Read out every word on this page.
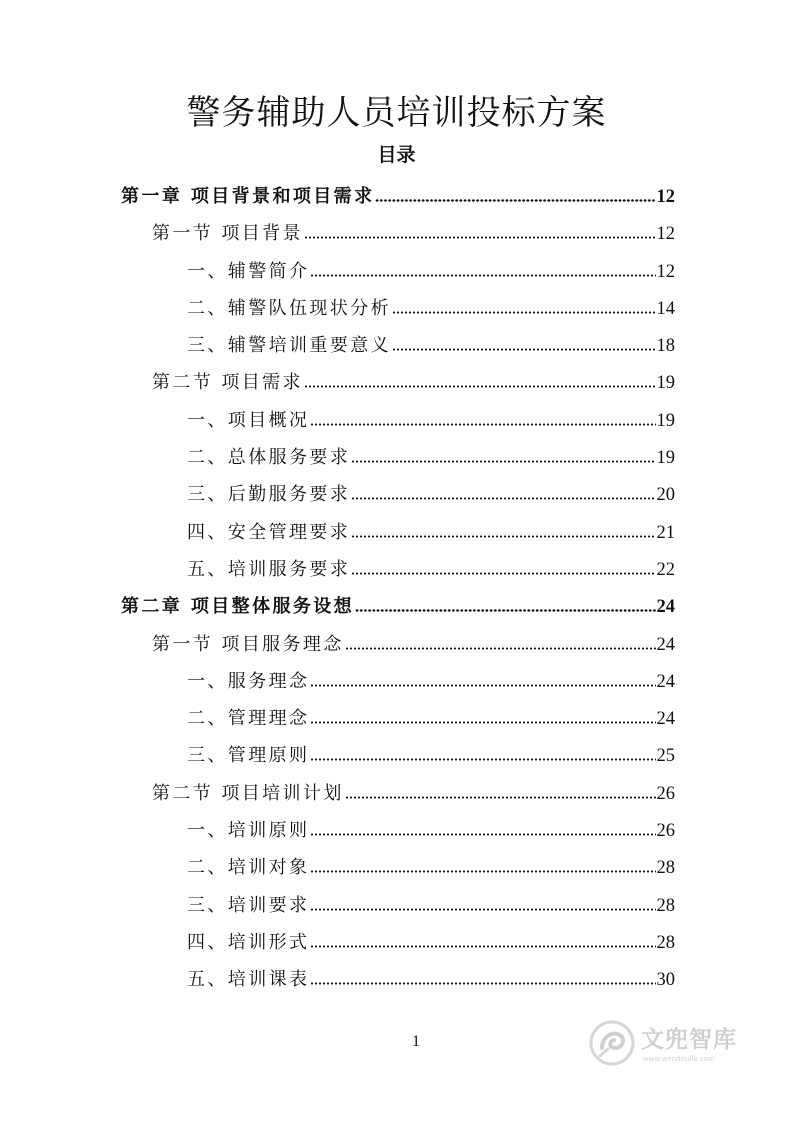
警务辅助人员培训投标方案
目录
第一章 项目背景和项目需求	12
第一节 项目背景	12
一、辅警简介	12
二、辅警队伍现状分析	14
三、辅警培训重要意义	18
第二节 项目需求	19
一、项目概况	19
二、总体服务要求	19
三、后勤服务要求	20
四、安全管理要求	21
五、培训服务要求	22
第二章 项目整体服务设想	24
第一节 项目服务理念	24
一、服务理念	24
二、管理理念	24
三、管理原则	25
第二节 项目培训计划	26
一、培训原则	26
二、培训对象	28
三、培训要求	28
四、培训形式	28
五、培训课表	30
1	文兜智库
www.wendoulib.com
